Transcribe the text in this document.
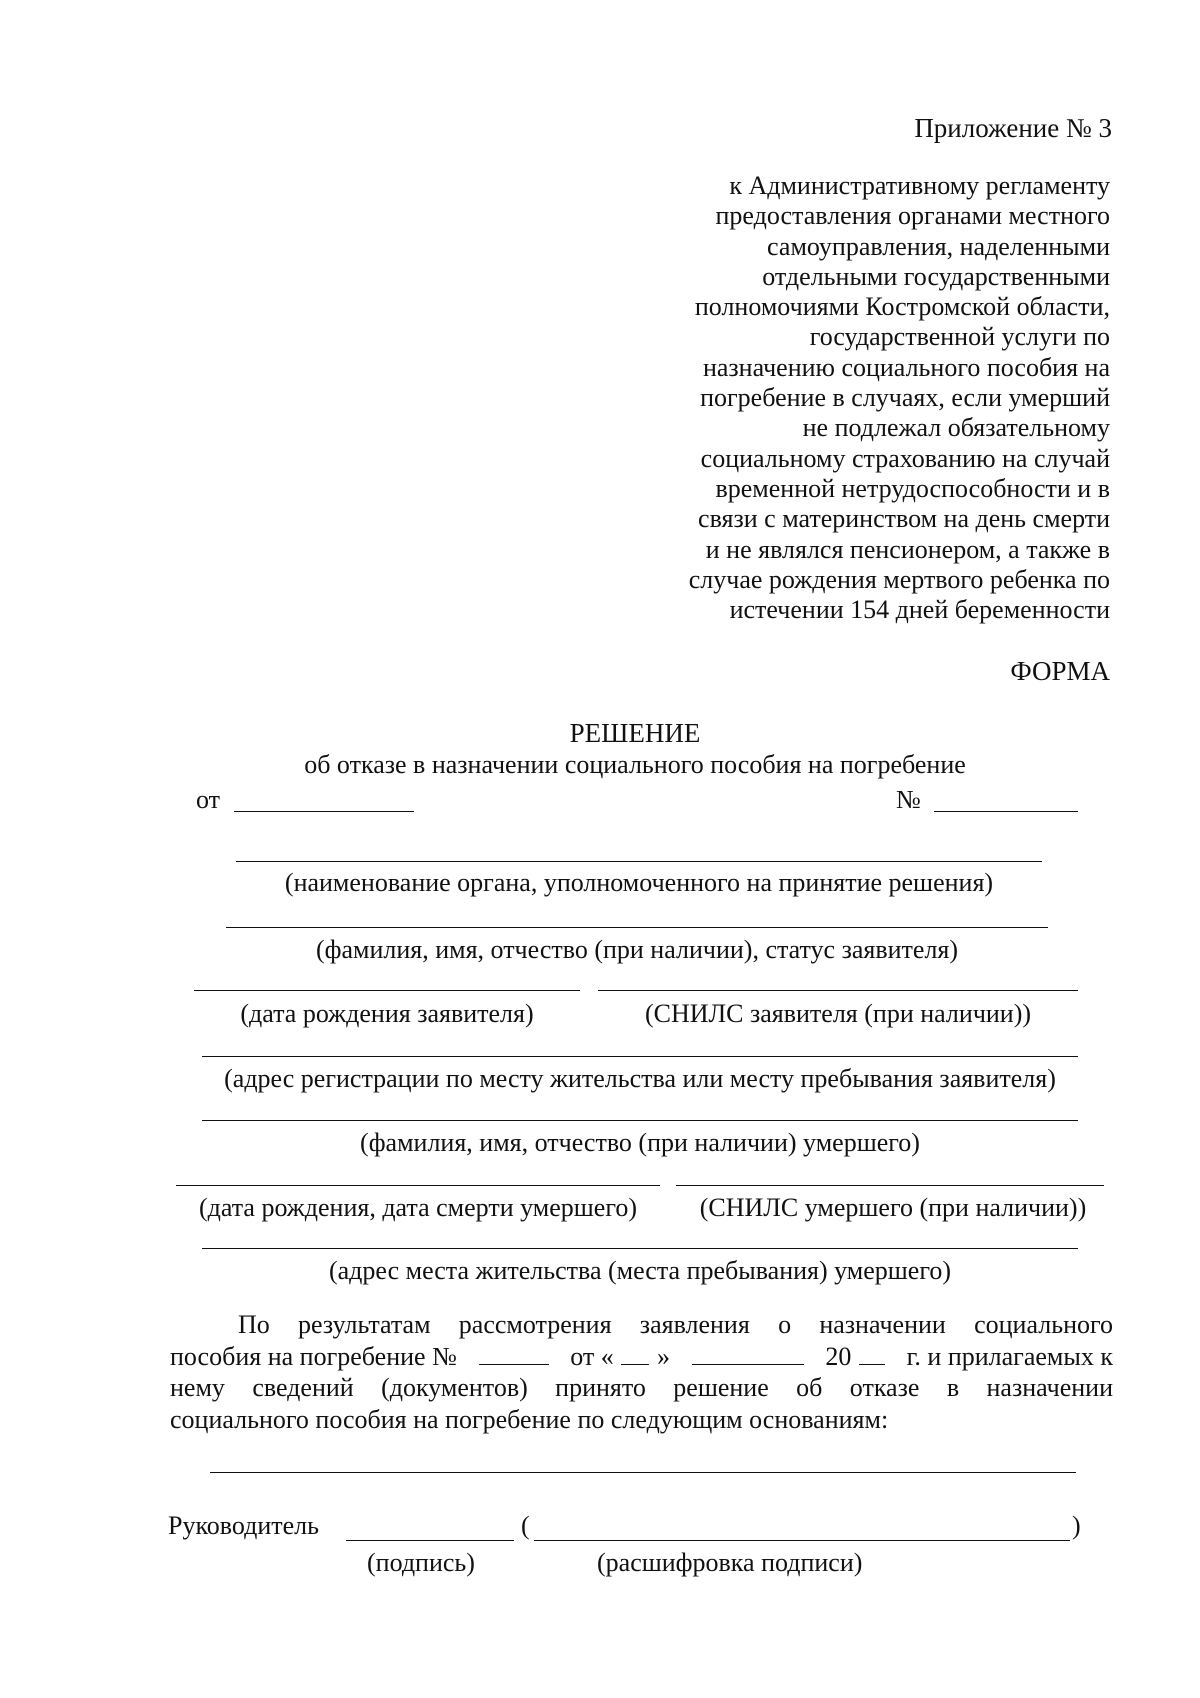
Приложение № 3
к Административному регламенту
предоставления органами местного
самоуправления, наделенными
отдельными государственными
полномочиями Костромской области,
государственной услуги по
назначению социального пособия на
погребение в случаях, если умерший
не подлежал обязательному
социальному страхованию на случай
временной нетрудоспособности и в
связи с материнством на день смерти
и не являлся пенсионером, а также в
случае рождения мертвого ребенка по
истечении 154 дней беременности
ФОРМА
РЕШЕНИЕ
об отказе в назначении социального пособия на погребение
от	№
(наименование органа, уполномоченного на принятие решения)
(фамилия, имя, отчество (при наличии), статус заявителя)
(дата рождения заявителя)	(СНИЛС заявителя (при наличии))
(адрес регистрации по месту жительства или месту пребывания заявителя)
(фамилия, имя, отчество (при наличии) умершего)
(дата рождения, дата смерти умершего)	(СНИЛС умершего (при наличии))
(адрес места жительства (места пребывания) умершего)
По результатам рассмотрения заявления о назначении социального
пособия на погребение №	от « »	20 г. и прилагаемых к
нему сведений (документов) принято решение об отказе в назначении
социального пособия на погребение по следующим основаниям:
Руководитель	(	)
(подпись)	(расшифровка подписи)
